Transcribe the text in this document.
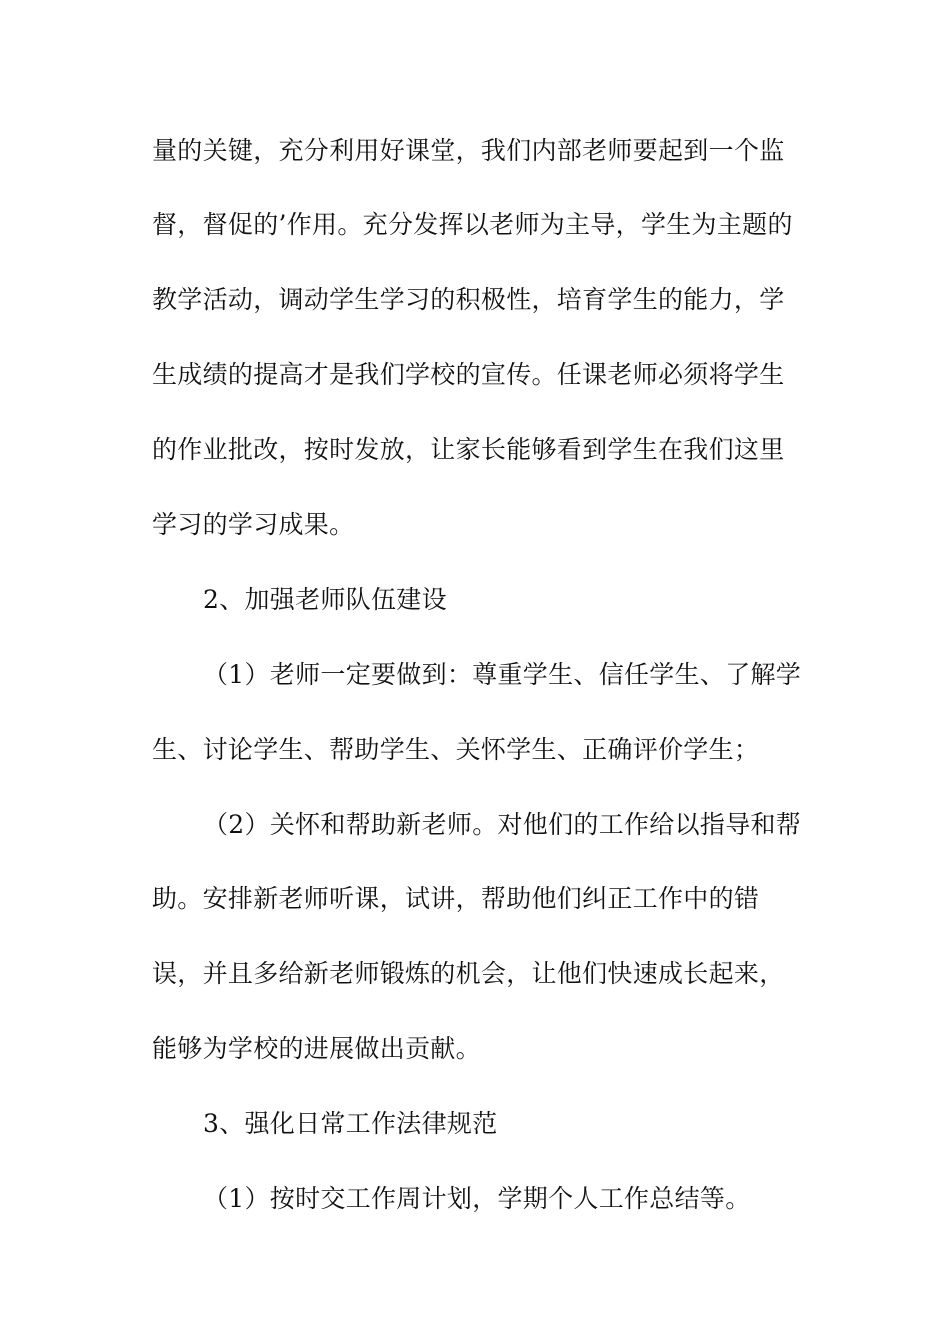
量的关键，充分利用好课堂，我们内部老师要起到一个监
督，督促的’作用。充分发挥以老师为主导，学生为主题的
教学活动，调动学生学习的积极性，培育学生的能力，学
生成绩的提高才是我们学校的宣传。任课老师必须将学生
的作业批改，按时发放，让家长能够看到学生在我们这里
学习的学习成果。
2、加强老师队伍建设
（1）老师一定要做到：尊重学生、信任学生、了解学
生、讨论学生、帮助学生、关怀学生、正确评价学生；
（2）关怀和帮助新老师。对他们的工作给以指导和帮
助。安排新老师听课，试讲，帮助他们纠正工作中的错
误，并且多给新老师锻炼的机会，让他们快速成长起来，
能够为学校的进展做出贡献。
3、强化日常工作法律规范
（1）按时交工作周计划，学期个人工作总结等。
